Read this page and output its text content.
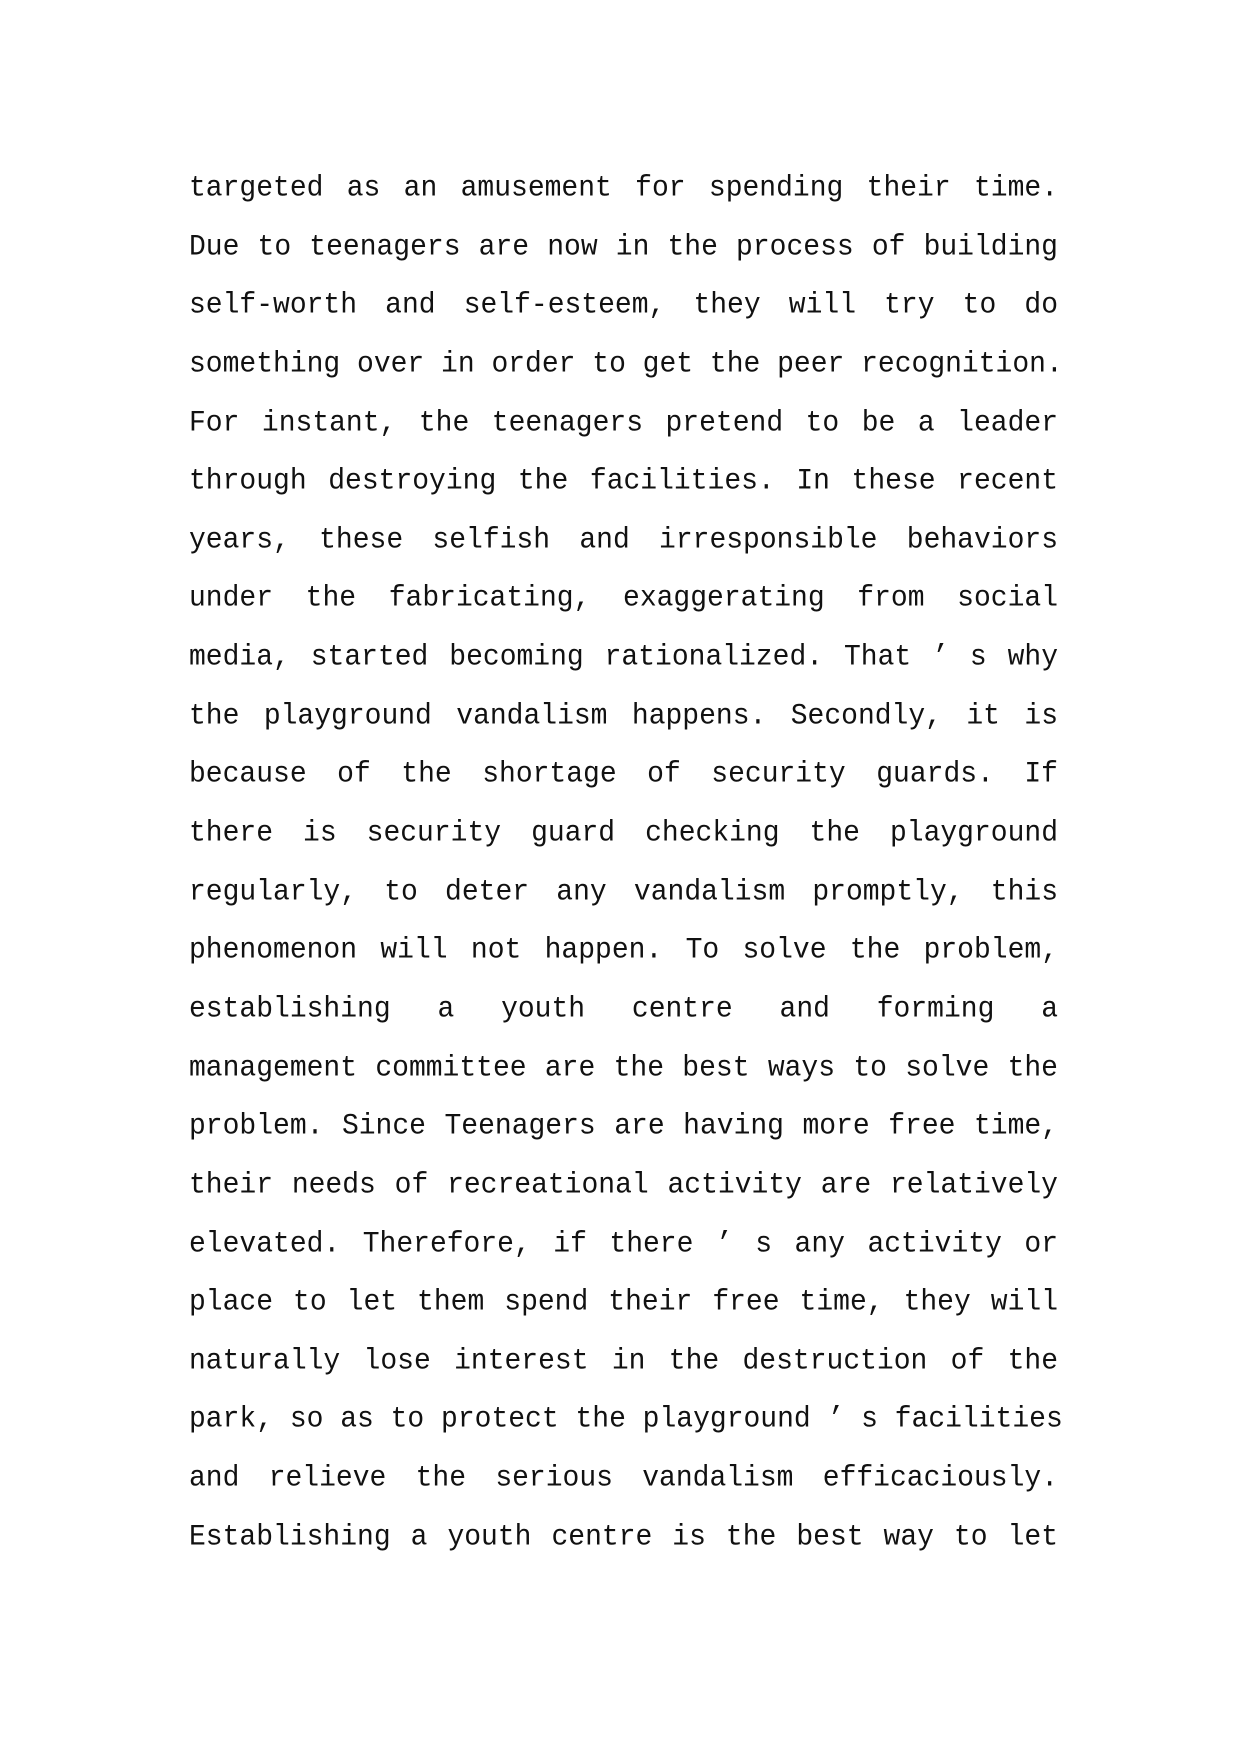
targeted as an amusement for spending their time.
Due to teenagers are now in the process of building
self-worth and self-esteem, they will try to do
something over in order to get the peer recognition.
For instant, the teenagers pretend to be a leader
through destroying the facilities. In these recent
years, these selfish and irresponsible behaviors
under the fabricating, exaggerating from social
media, started becoming rationalized. That ’ s why
the playground vandalism happens. Secondly, it is
because of the shortage of security guards. If
there is security guard checking the playground
regularly, to deter any vandalism promptly, this
phenomenon will not happen. To solve the problem,
establishing a youth centre and forming a
management committee are the best ways to solve the
problem. Since Teenagers are having more free time,
their needs of recreational activity are relatively
elevated. Therefore, if there ’ s any activity or
place to let them spend their free time, they will
naturally lose interest in the destruction of the
park, so as to protect the playground ’ s facilities
and relieve the serious vandalism efficaciously.
Establishing a youth centre is the best way to let
